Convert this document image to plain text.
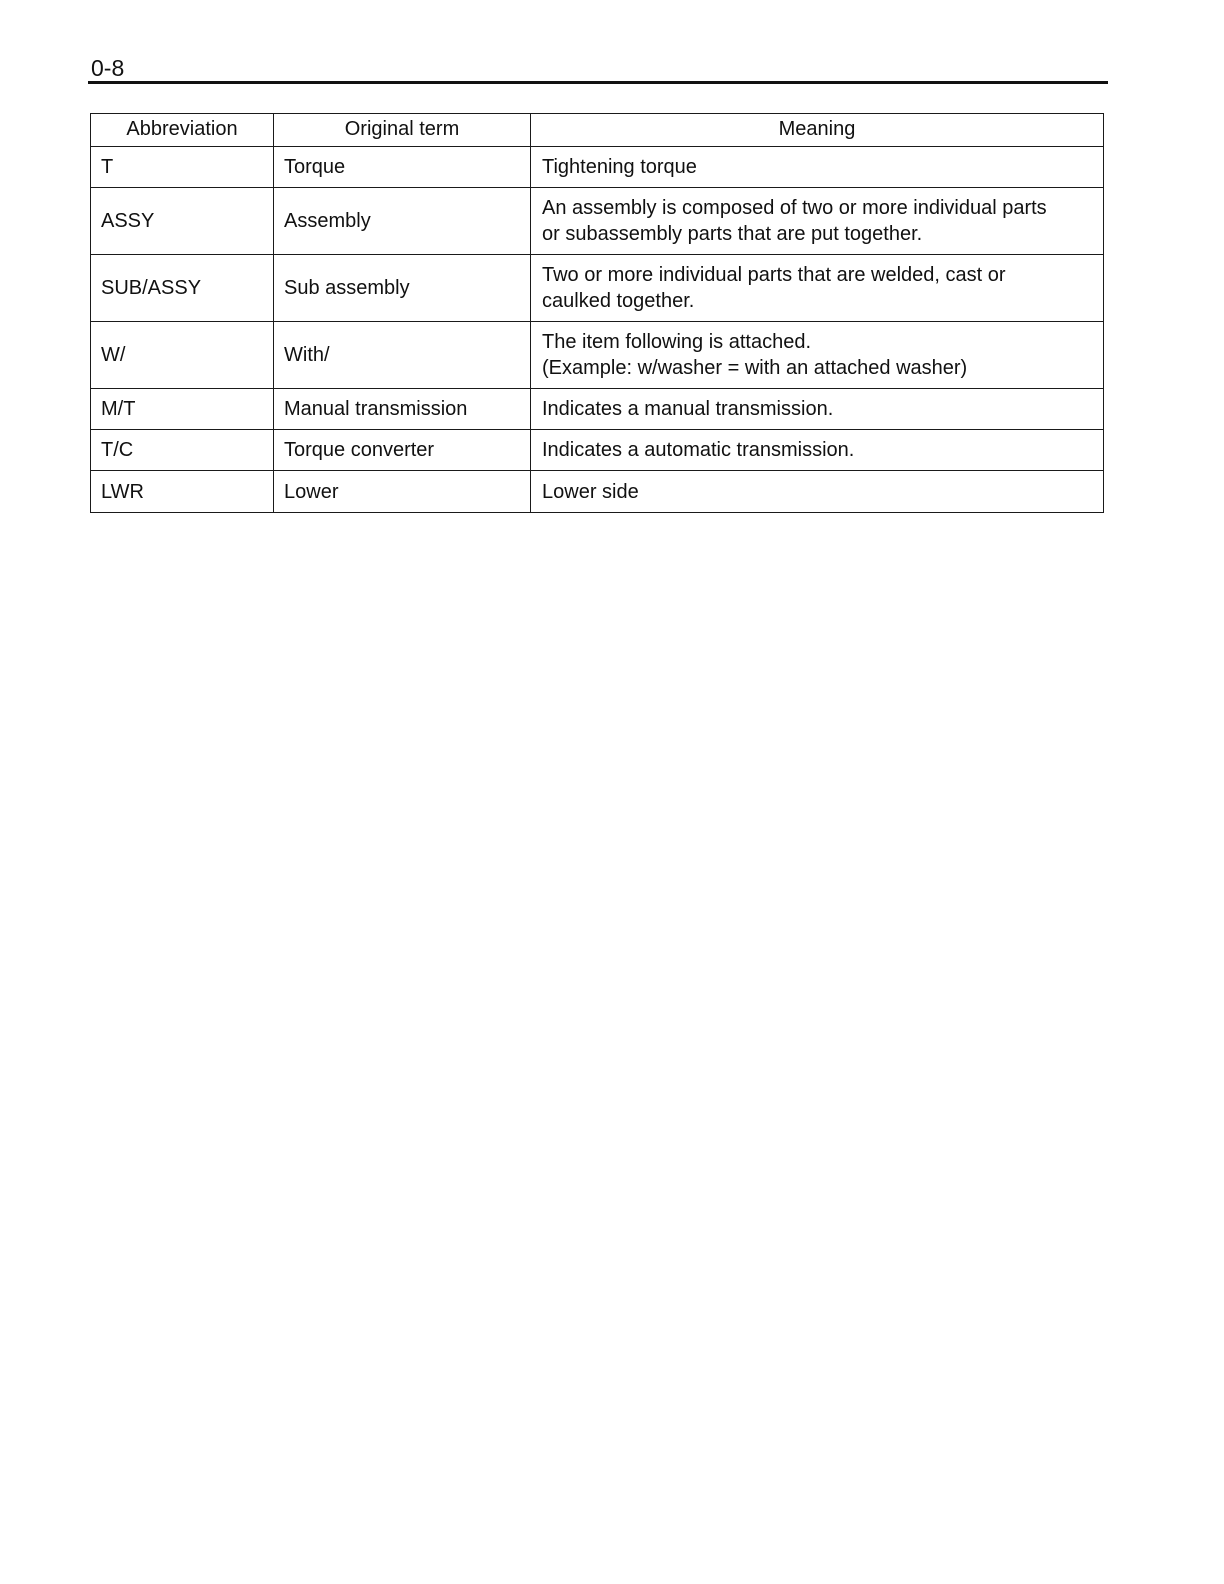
0-8
Abbreviation	Original term	Meaning
T	Torque	Tightening torque

ASSY	Assembly	An assembly is composed of two or more individual parts
or subassembly parts that are put together.

SUB/ASSY	Sub assembly	Two or more individual parts that are welded, cast or
caulked together.

W/	With/	The item following is attached.
(Example: w/washer = with an attached washer)

M/T	Manual transmission	Indicates a manual transmission.

T/C	Torque converter	Indicates a automatic transmission.

LWR	Lower	Lower side
